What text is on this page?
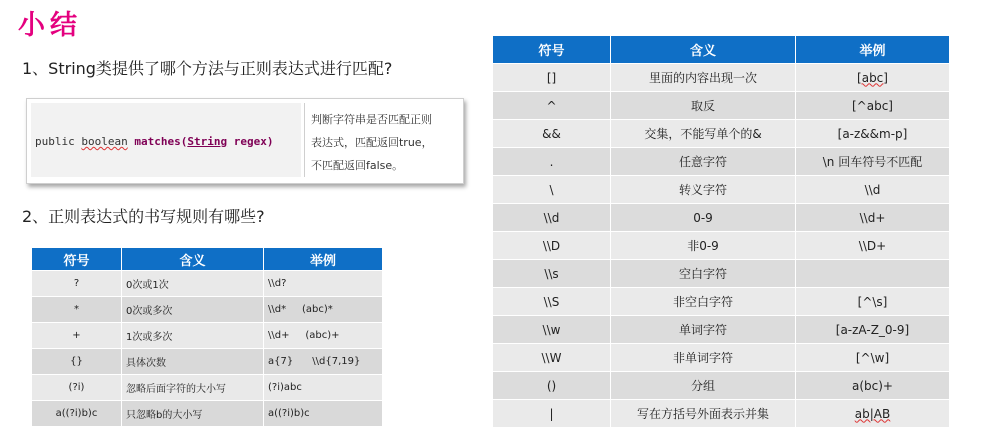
小结
1、String类提供了哪个方法与正则表达式进行匹配?
public boolean matches(String regex)
判断字符串是否匹配正则
表达式，匹配返回true，
不匹配返回false。
2、正则表达式的书写规则有哪些?
符号	含义	举例
?	0次或1次	\\d?
*	0次或多次	\\d*     (abc)*
+	1次或多次	\\d+     (abc)+
{}	具体次数	a{7}      \\d{7,19}
(?i)	忽略后面字符的大小写	(?i)abc
a((?i)b)c	只忽略b的大小写	a((?i)b)c
符号	含义	举例
[]	里面的内容出现一次	[abc]
^	取反	[^abc]
&&	交集，不能写单个的&	[a-z&&m-p]
.	任意字符	\n 回车符号不匹配
\	转义字符	\\d
\\d	0-9	\\d+
\\D	非0-9	\\D+
\\s	空白字符	
\\S	非空白字符	[^\s]
\\w	单词字符	[a-zA-Z_0-9]
\\W	非单词字符	[^\w]
()	分组	a(bc)+
|	写在方括号外面表示并集	ab|AB
